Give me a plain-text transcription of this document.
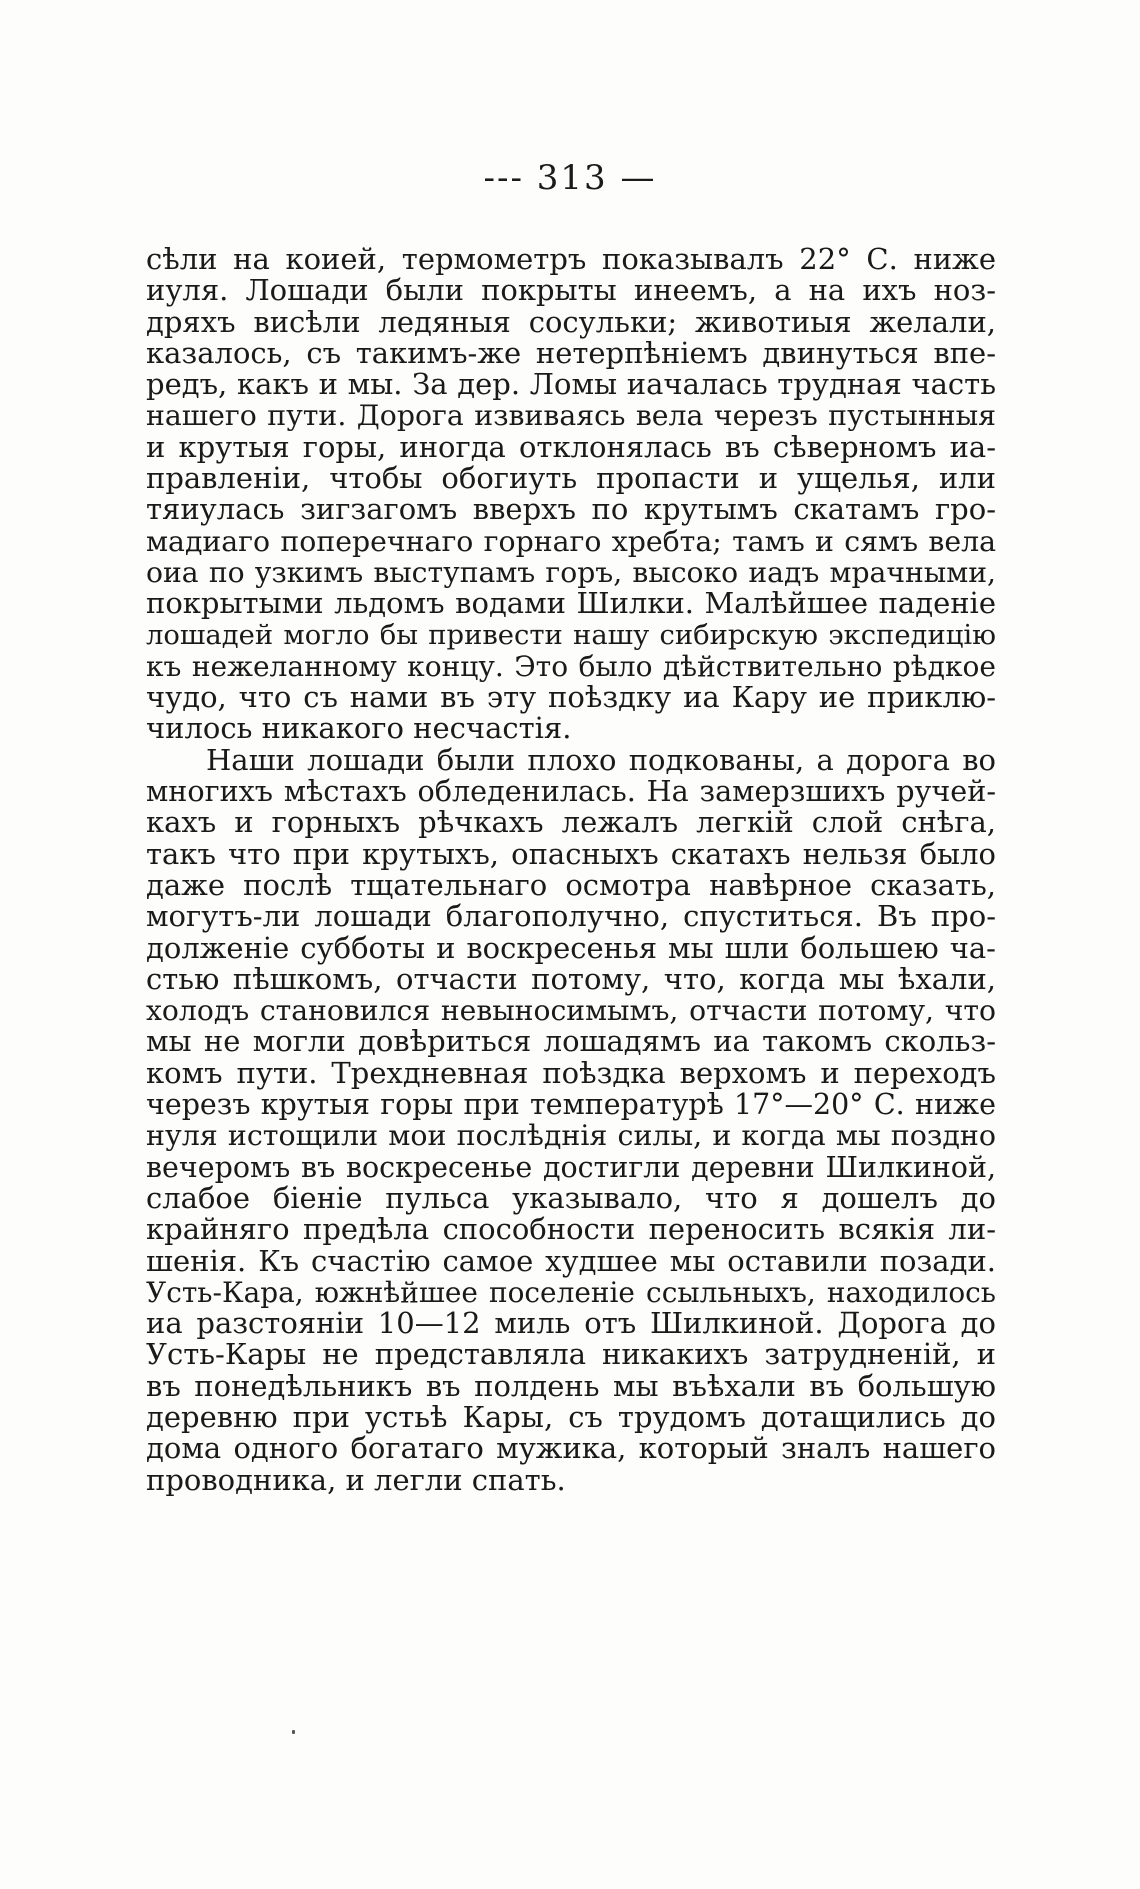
--- 313 —
сѣли на коией, термометръ показывалъ 22° С. ниже
иуля. Лошади были покрыты инеемъ, а на ихъ ноз-
дряхъ висѣли ледяныя сосульки; животиыя желали,
казалось, съ такимъ-же нетерпѣніемъ двинуться впе-
редъ, какъ и мы. За дер. Ломы иачалась трудная часть
нашего пути. Дорога извиваясь вела черезъ пустынныя
и крутыя горы, иногда отклонялась въ сѣверномъ иа-
правленіи, чтобы обогиуть пропасти и ущелья, или
тяиулась зигзагомъ вверхъ по крутымъ скатамъ гро-
мадиаго поперечнаго горнаго хребта; тамъ и сямъ вела
оиа по узкимъ выступамъ горъ, высоко иадъ мрачными,
покрытыми льдомъ водами Шилки. Малѣйшее паденіе
лошадей могло бы привести нашу сибирскую экспедицію
къ нежеланному концу. Это было дѣйствительно рѣдкое
чудо, что съ нами въ эту поѣздку иа Кару ие приклю-
чилось никакого несчастія.
Наши лошади были плохо подкованы, а дорога во
многихъ мѣстахъ обледенилась. На замерзшихъ ручей-
кахъ и горныхъ рѣчкахъ лежалъ легкій слой снѣга,
такъ что при крутыхъ, опасныхъ скатахъ нельзя было
даже послѣ тщательнаго осмотра навѣрное сказать,
могутъ-ли лошади благополучно, спуститься. Въ про-
долженіе субботы и воскресенья мы шли большею ча-
стью пѣшкомъ, отчасти потому, что, когда мы ѣхали,
холодъ становился невыносимымъ, отчасти потому, что
мы не могли довѣриться лошадямъ иа такомъ скольз-
комъ пути. Трехдневная поѣздка верхомъ и переходъ
черезъ крутыя горы при температурѣ 17°—20° С. ниже
нуля истощили мои послѣднія силы, и когда мы поздно
вечеромъ въ воскресенье достигли деревни Шилкиной,
слабое біеніе пульса указывало, что я дошелъ до
крайняго предѣла способности переносить всякія ли-
шенія. Къ счастію самое худшее мы оставили позади.
Усть-Кара, южнѣйшее поселеніе ссыльныхъ, находилось
иа разстояніи 10—12 миль отъ Шилкиной. Дорога до
Усть-Кары не представляла никакихъ затрудненій, и
въ понедѣльникъ въ полдень мы въѣхали въ большую
деревню при устьѣ Кары, съ трудомъ дотащились до
дома одного богатаго мужика, который зналъ нашего
проводника, и легли спать.
